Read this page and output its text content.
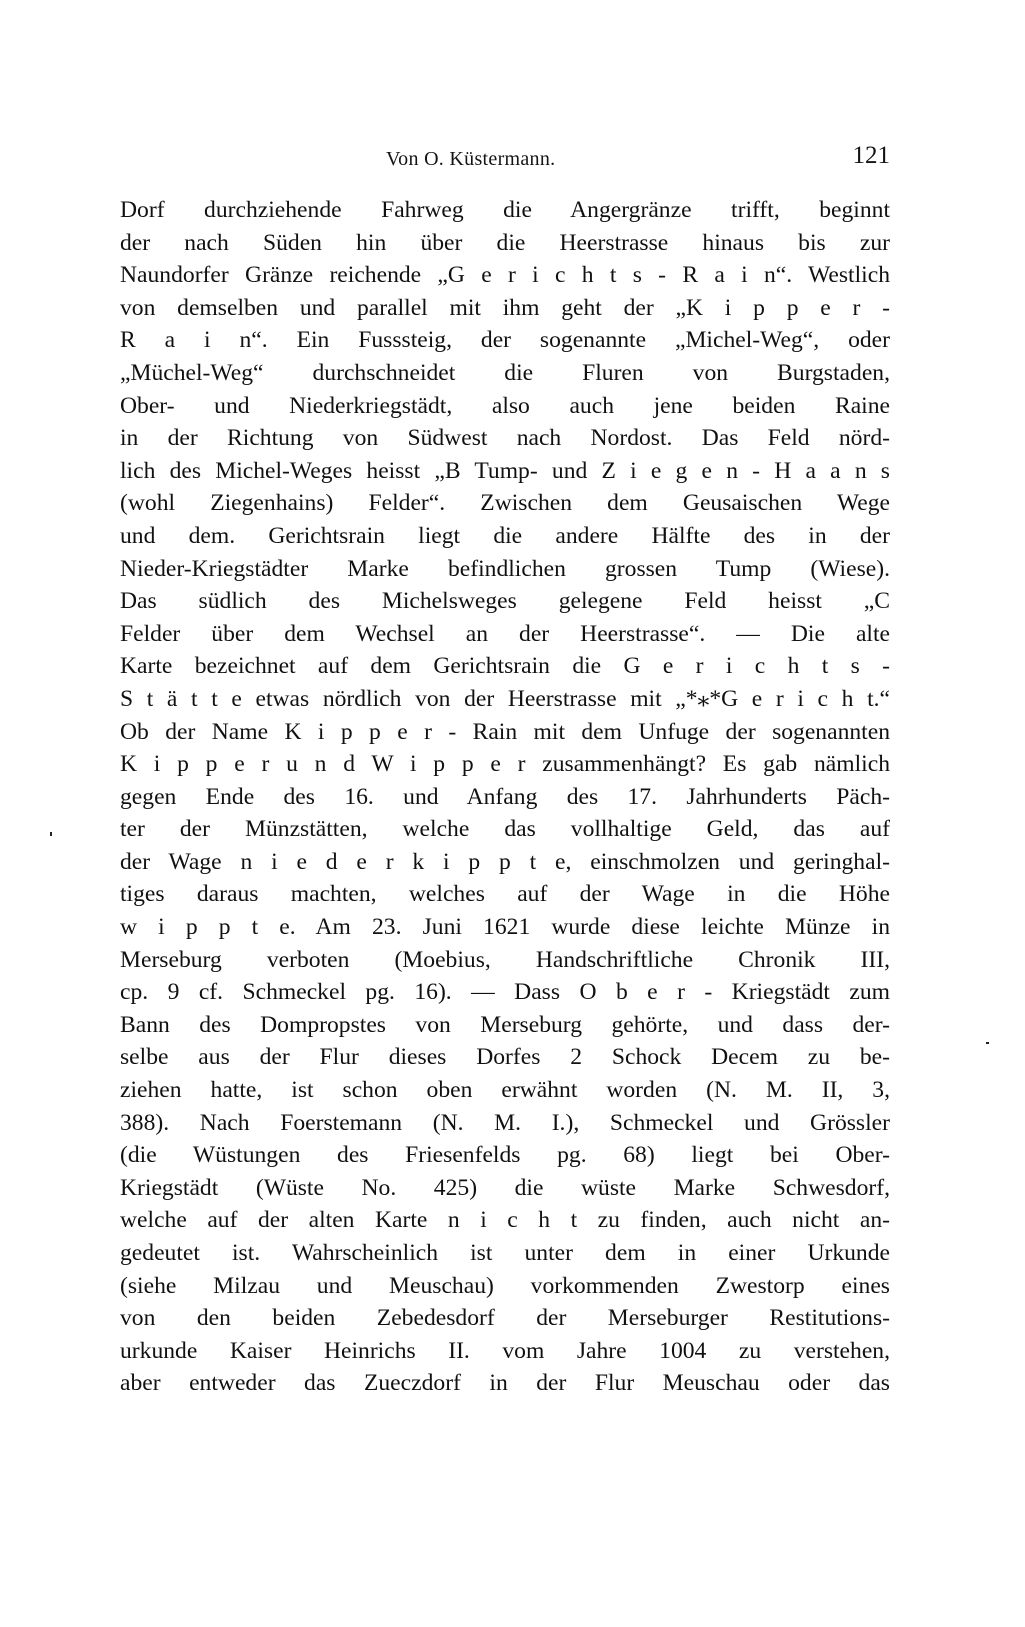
Von O. Küstermann.	121
Dorf durchziehende Fahrweg die Angergränze trifft, beginnt
der nach Süden hin über die Heerstrasse hinaus bis zur
Naundorfer Gränze reichende „G e r i c h t s - R a i n“. Westlich
von demselben und parallel mit ihm geht der „K i p p e r -
R a i n“. Ein Fusssteig, der sogenannte „Michel-Weg“, oder
„Müchel-Weg“ durchschneidet die Fluren von Burgstaden,
Ober- und Niederkriegstädt, also auch jene beiden Raine
in der Richtung von Südwest nach Nordost. Das Feld nörd-
lich des Michel-Weges heisst „B Tump- und Z i e g e n - H a a n s
(wohl Ziegenhains) Felder“. Zwischen dem Geusaischen Wege
und dem. Gerichtsrain liegt die andere Hälfte des in der
Nieder-Kriegstädter Marke befindlichen grossen Tump (Wiese).
Das südlich des Michelsweges gelegene Feld heisst „C
Felder über dem Wechsel an der Heerstrasse“. — Die alte
Karte bezeichnet auf dem Gerichtsrain die G e r i c h t s -
S t ä t t e etwas nördlich von der Heerstrasse mit „*⁎*G e r i c h t.“
Ob der Name K i p p e r - Rain mit dem Unfuge der sogenannten
K i p p e r u n d W i p p e r zusammenhängt? Es gab nämlich
gegen Ende des 16. und Anfang des 17. Jahrhunderts Päch-
ter der Münzstätten, welche das vollhaltige Geld, das auf
der Wage n i e d e r k i p p t e, einschmolzen und geringhal-
tiges daraus machten, welches auf der Wage in die Höhe
w i p p t e. Am 23. Juni 1621 wurde diese leichte Münze in
Merseburg verboten (Moebius, Handschriftliche Chronik III,
cp. 9 cf. Schmeckel pg. 16). — Dass O b e r - Kriegstädt zum
Bann des Dompropstes von Merseburg gehörte, und dass der-
selbe aus der Flur dieses Dorfes 2 Schock Decem zu be-
ziehen hatte, ist schon oben erwähnt worden (N. M. II, 3,
388). Nach Foerstemann (N. M. I.), Schmeckel und Grössler
(die Wüstungen des Friesenfelds pg. 68) liegt bei Ober-
Kriegstädt (Wüste No. 425) die wüste Marke Schwesdorf,
welche auf der alten Karte n i c h t zu finden, auch nicht an-
gedeutet ist. Wahrscheinlich ist unter dem in einer Urkunde
(siehe Milzau und Meuschau) vorkommenden Zwestorp eines
von den beiden Zebedesdorf der Merseburger Restitutions-
urkunde Kaiser Heinrichs II. vom Jahre 1004 zu verstehen,
aber entweder das Zueczdorf in der Flur Meuschau oder das
